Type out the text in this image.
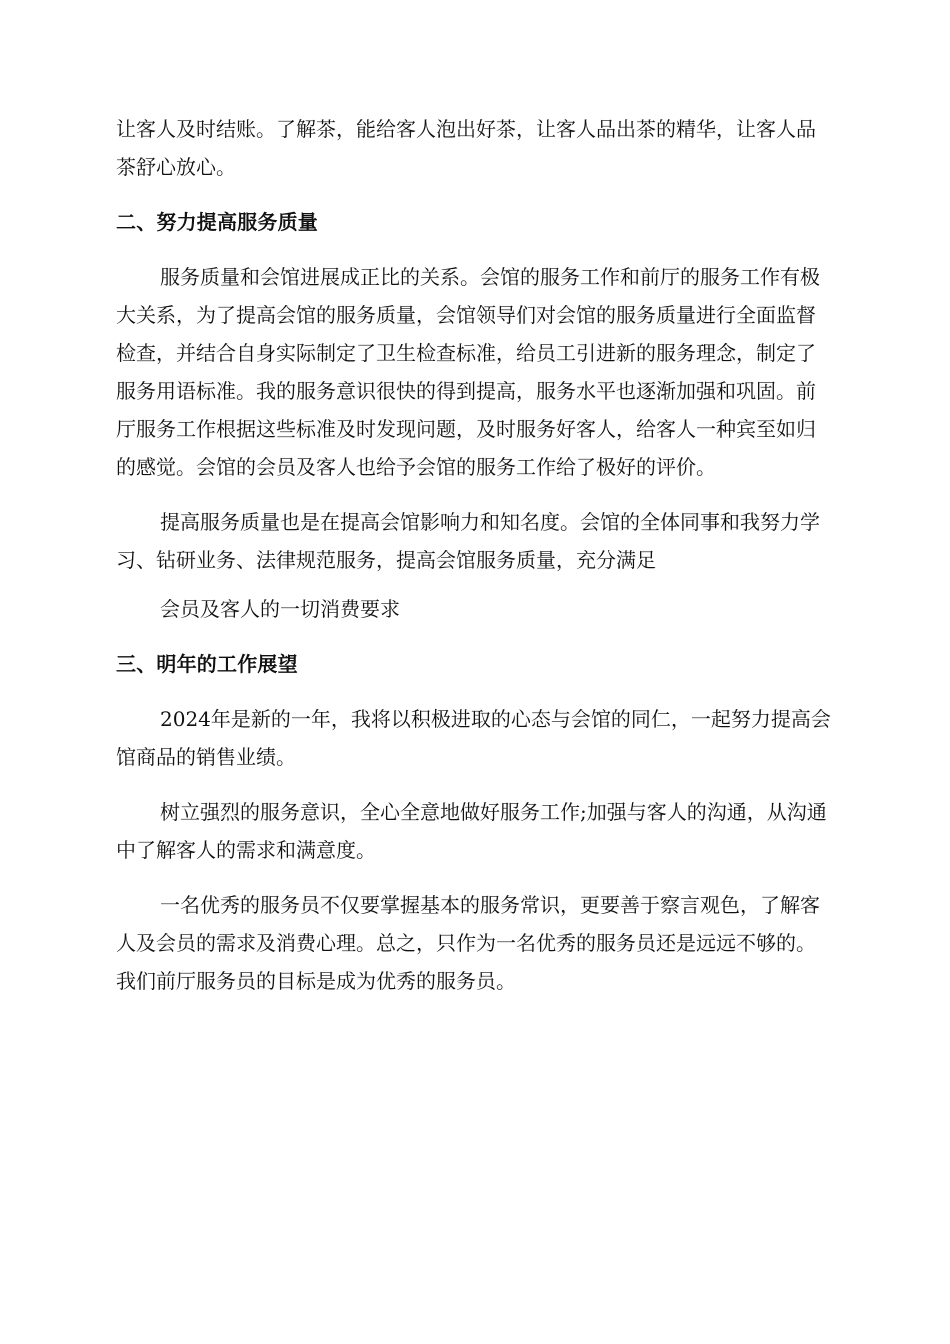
让客人及时结账。了解茶，能给客人泡出好茶，让客人品出茶的精华，让客人品茶舒心放心。

二、努力提高服务质量

服务质量和会馆进展成正比的关系。会馆的服务工作和前厅的服务工作有极大关系，为了提高会馆的服务质量，会馆领导们对会馆的服务质量进行全面监督检查，并结合自身实际制定了卫生检查标准，给员工引进新的服务理念，制定了服务用语标准。我的服务意识很快的得到提高，服务水平也逐渐加强和巩固。前厅服务工作根据这些标准及时发现问题，及时服务好客人，给客人一种宾至如归的感觉。会馆的会员及客人也给予会馆的服务工作给了极好的评价。

提高服务质量也是在提高会馆影响力和知名度。会馆的全体同事和我努力学习、钻研业务、法律规范服务，提高会馆服务质量，充分满足

会员及客人的一切消费要求

三、明年的工作展望

2024年是新的一年，我将以积极进取的心态与会馆的同仁，一起努力提高会馆商品的销售业绩。

树立强烈的服务意识，全心全意地做好服务工作;加强与客人的沟通，从沟通中了解客人的需求和满意度。

一名优秀的服务员不仅要掌握基本的服务常识，更要善于察言观色，了解客人及会员的需求及消费心理。总之，只作为一名优秀的服务员还是远远不够的。我们前厅服务员的目标是成为优秀的服务员。
